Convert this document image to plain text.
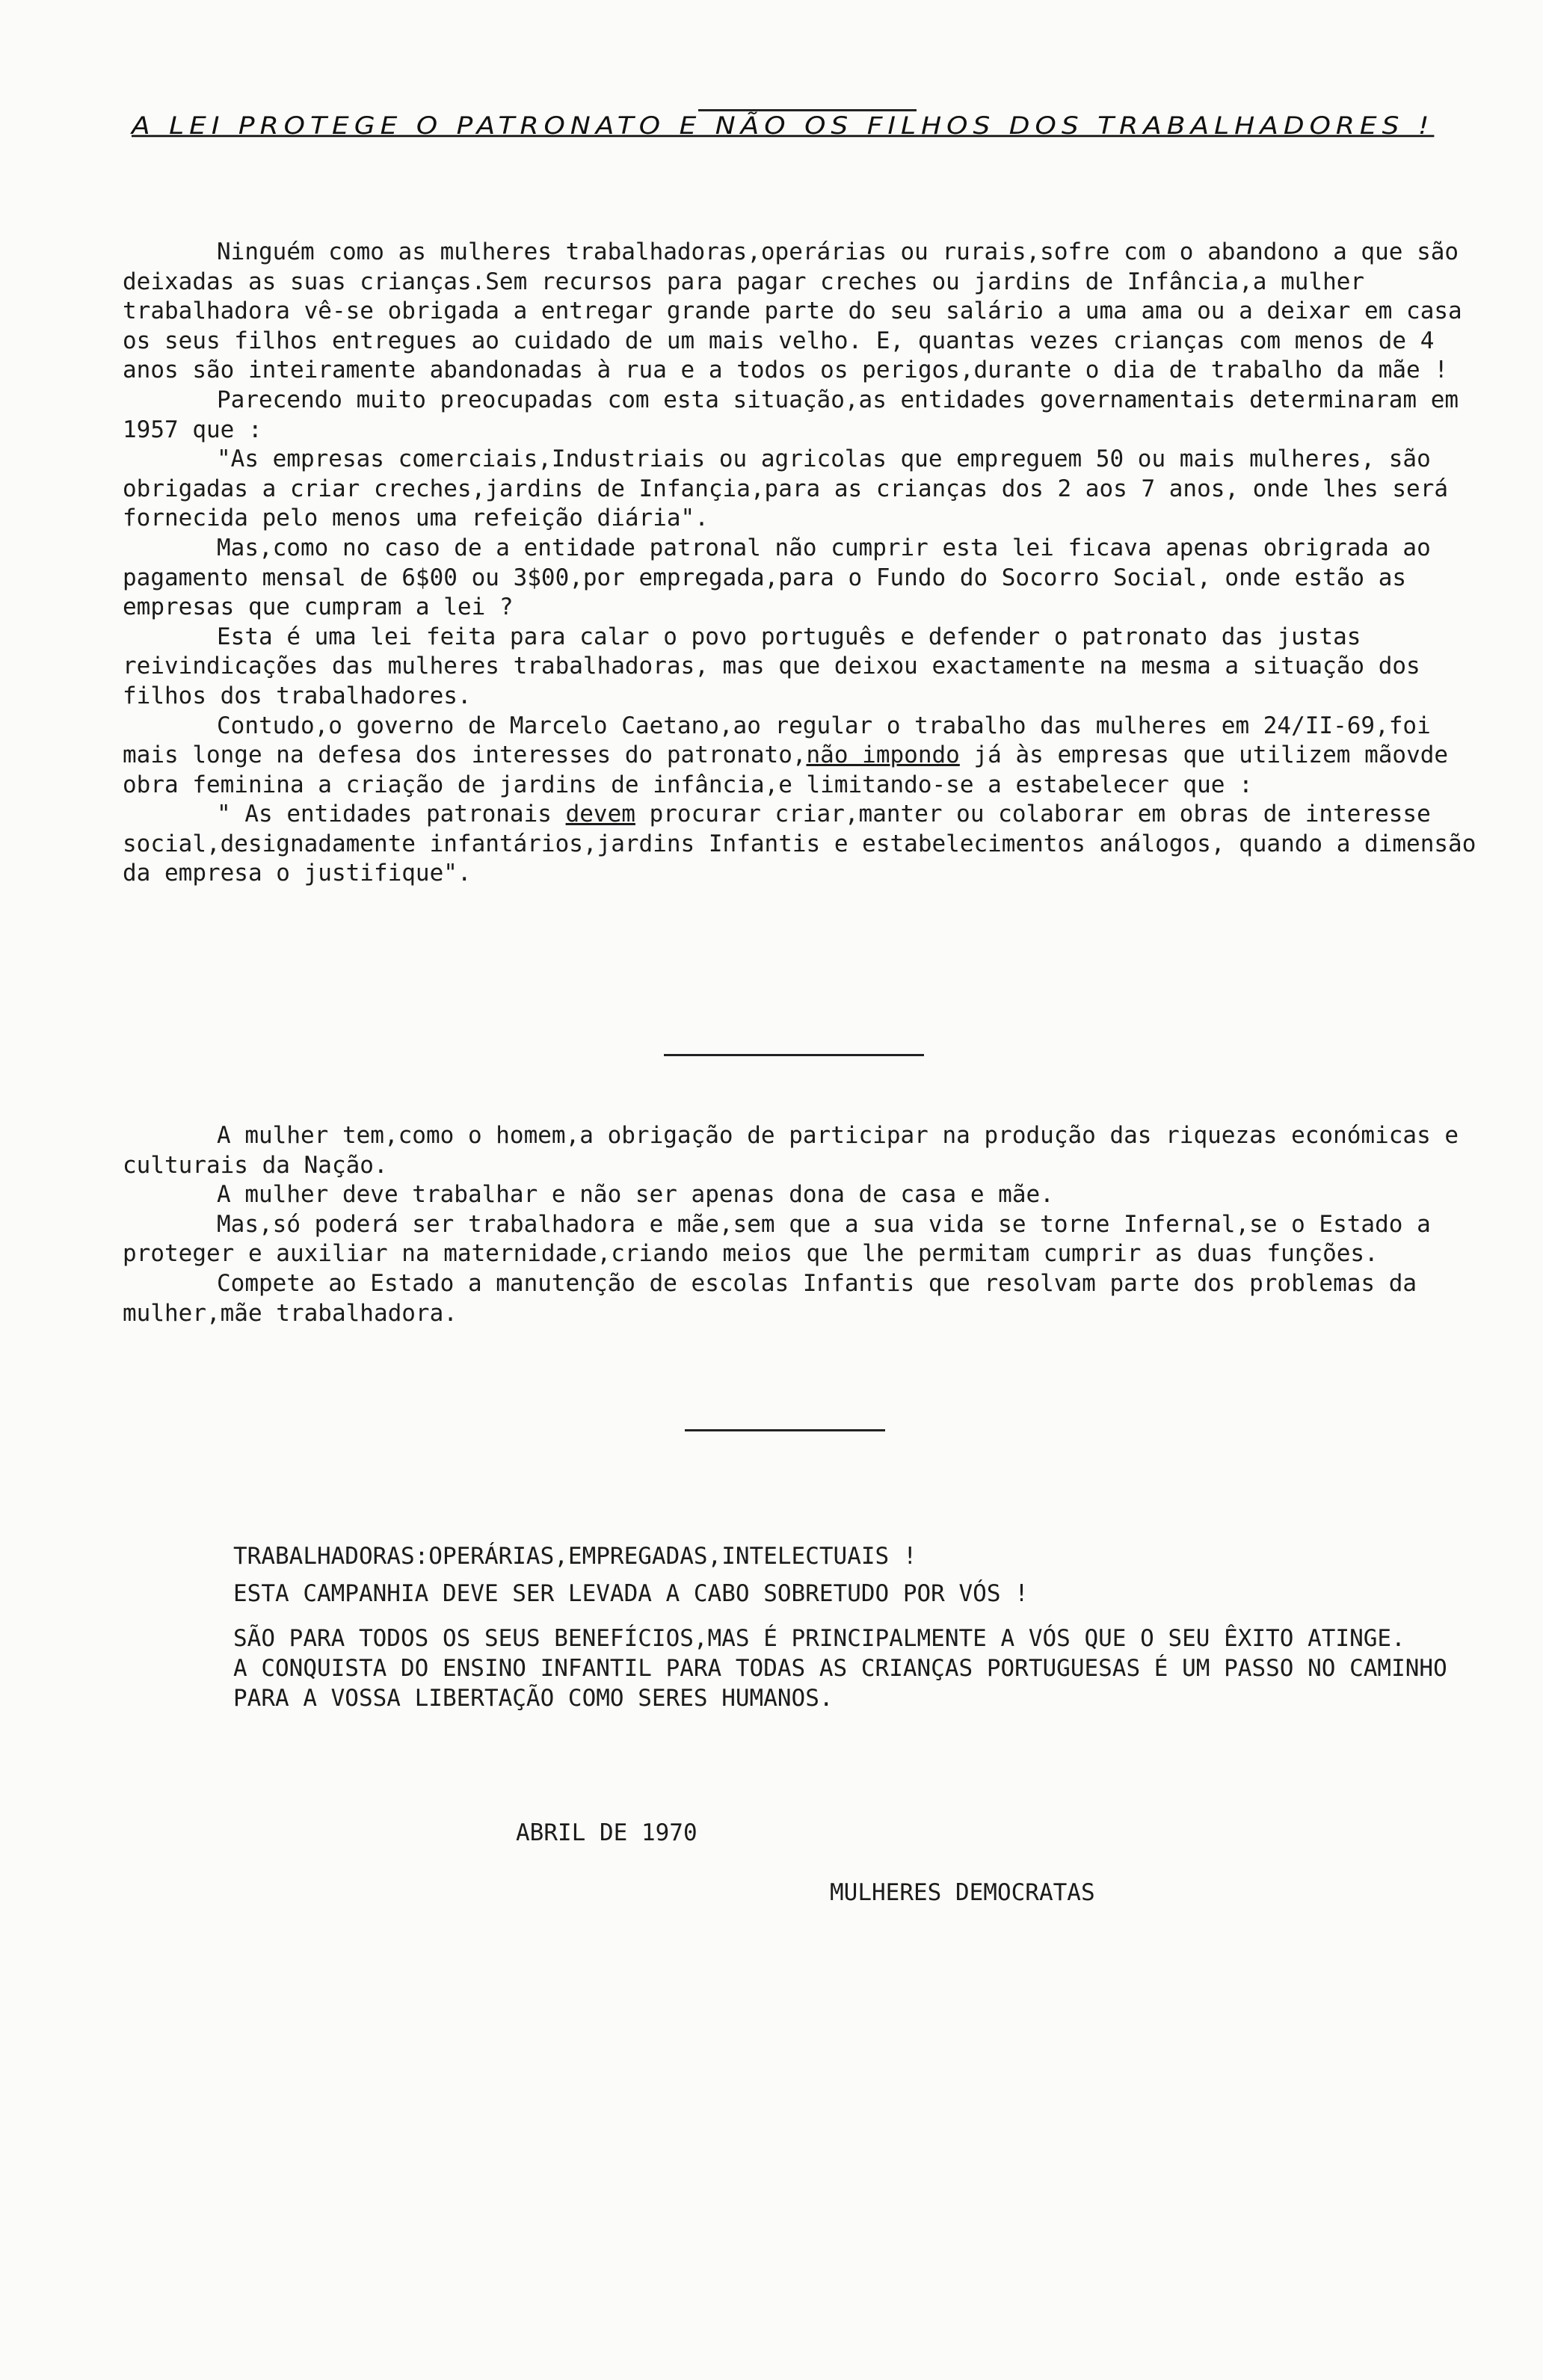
A LEI PROTEGE O PATRONATO E NÃO OS FILHOS DOS TRABALHADORES !

Ninguém como as mulheres trabalhadoras,operárias ou rurais,sofre com o abandono a que são deixadas as suas crianças.Sem recursos para pagar creches ou jardins de Infância,a mulher trabalhadora vê-se obrigada a entregar grande parte do seu salário a uma ama ou a deixar em casa os seus filhos entregues ao cuidado de um mais velho. E, quantas vezes crianças com menos de 4 anos são inteiramente abandonadas à rua e a todos os perigos,durante o dia de trabalho da mãe !

Parecendo muito preocupadas com esta situação,as entidades governamentais determinaram em 1957 que :

"As empresas comerciais,Industriais ou agricolas que empreguem 50 ou mais mulheres, são obrigadas a criar creches,jardins de Infançia,para as crianças dos 2 aos 7 anos, onde lhes será fornecida pelo menos uma refeição diária".

Mas,como no caso de a entidade patronal não cumprir esta lei ficava apenas obrigrada ao pagamento mensal de 6$00 ou 3$00,por empregada,para o Fundo do Socorro Social, onde estão as empresas que cumpram a lei ?

Esta é uma lei feita para calar o povo português e defender o patronato das justas reivindicações das mulheres trabalhadoras, mas que deixou exactamente na mesma a situação dos filhos dos trabalhadores.

Contudo,o governo de Marcelo Caetano,ao regular o trabalho das mulheres em 24/II-69,foi mais longe na defesa dos interesses do patronato,não impondo já às empresas que utilizem mãovde obra feminina a criação de jardins de infância,e limitando-se a estabelecer que :

" As entidades patronais devem procurar criar,manter ou colaborar em obras de interesse social,designadamente infantários,jardins Infantis e estabelecimentos análogos, quando a dimensão da empresa o justifique".

A mulher tem,como o homem,a obrigação de participar na produção das riquezas económicas e culturais da Nação.

A mulher deve trabalhar e não ser apenas dona de casa e mãe.

Mas,só poderá ser trabalhadora e mãe,sem que a sua vida se torne Infernal,se o Estado a proteger e auxiliar na maternidade,criando meios que lhe permitam cumprir as duas funções.

Compete ao Estado a manutenção de escolas Infantis que resolvam parte dos problemas da mulher,mãe trabalhadora.

TRABALHADORAS:OPERÁRIAS,EMPREGADAS,INTELECTUAIS !

ESTA CAMPANHIA DEVE SER LEVADA A CABO SOBRETUDO POR VÓS !

SÃO PARA TODOS OS SEUS BENEFÍCIOS,MAS É PRINCIPALMENTE A VÓS QUE O SEU ÊXITO ATINGE.

A CONQUISTA DO ENSINO INFANTIL PARA TODAS AS CRIANÇAS PORTUGUESAS É UM PASSO NO CAMINHO PARA A VOSSA LIBERTAÇÃO COMO SERES HUMANOS.

ABRIL DE 1970
MULHERES DEMOCRATAS
